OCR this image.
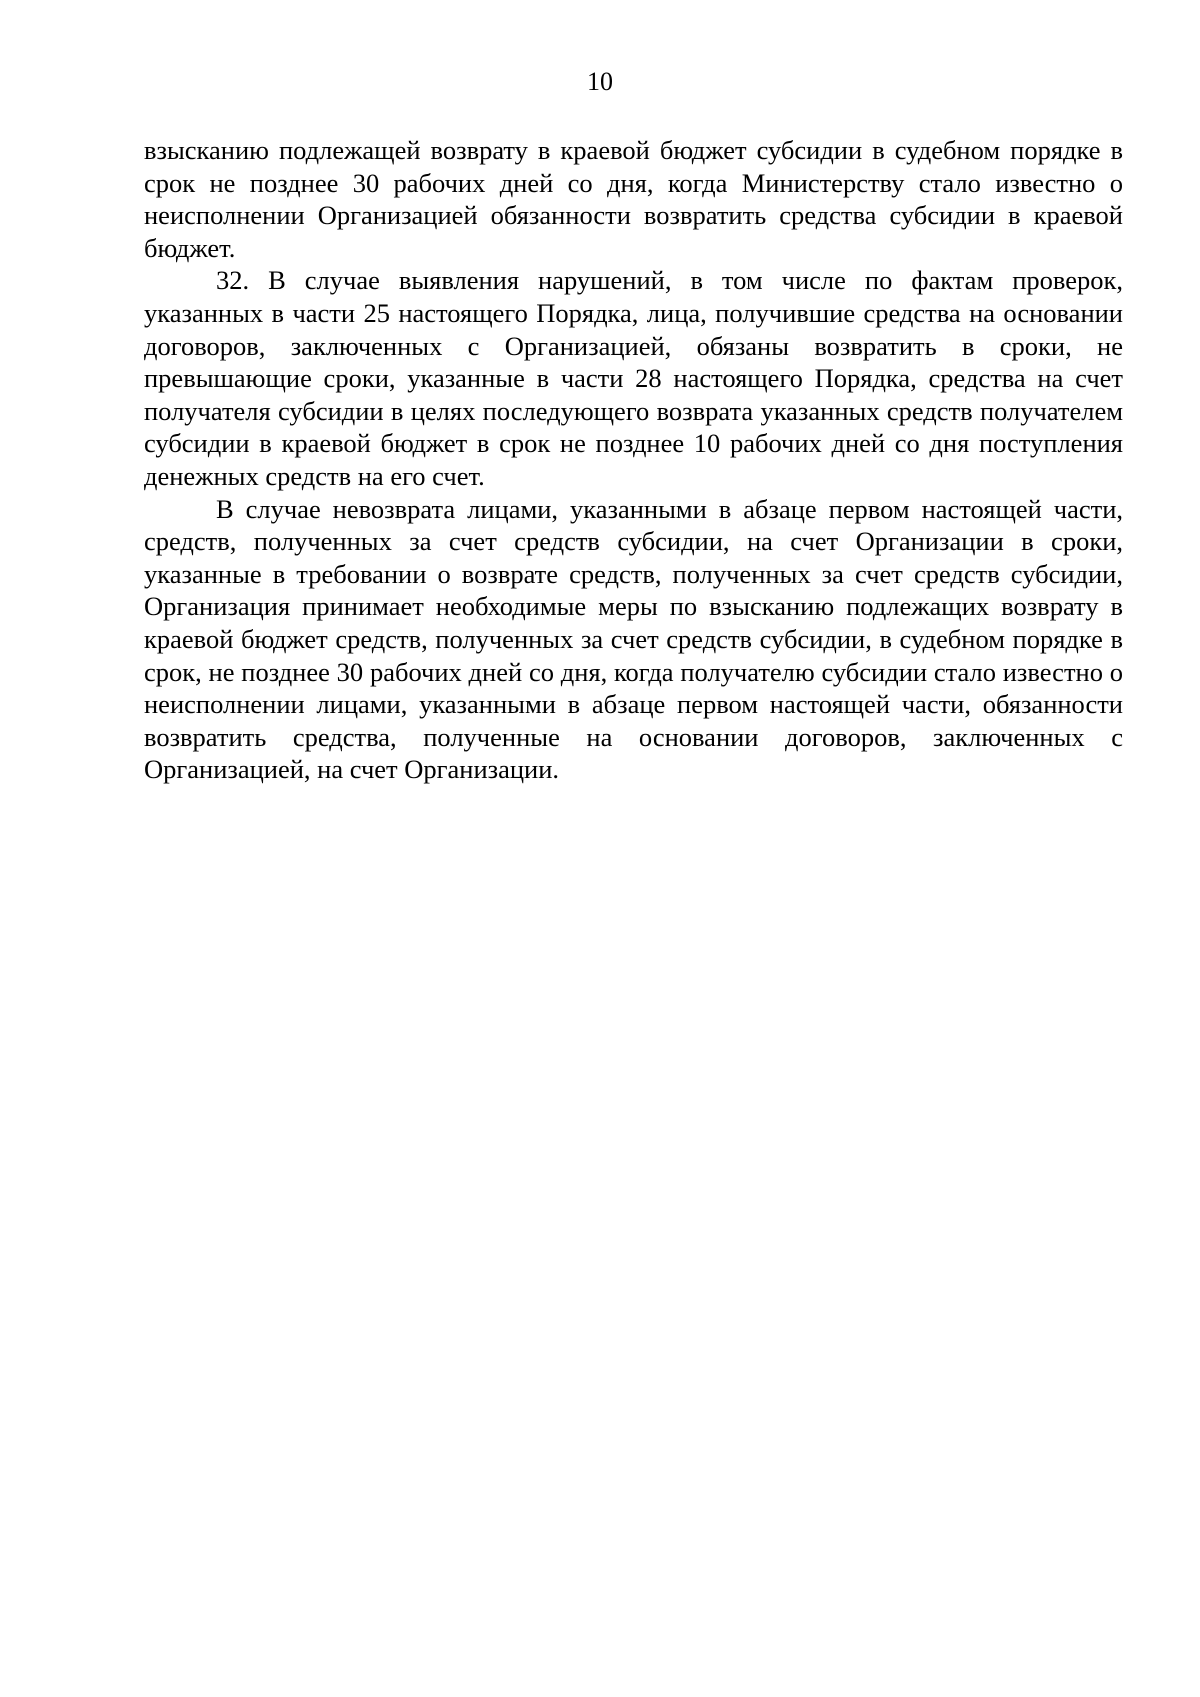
10

взысканию подлежащей возврату в краевой бюджет субсидии в судебном порядке в срок не позднее 30 рабочих дней со дня, когда Министерству стало известно о неисполнении Организацией обязанности возвратить средства субсидии в краевой бюджет.

32. В случае выявления нарушений, в том числе по фактам проверок, указанных в части 25 настоящего Порядка, лица, получившие средства на основании договоров, заключенных с Организацией, обязаны возвратить в сроки, не превышающие сроки, указанные в части 28 настоящего Порядка, средства на счет получателя субсидии в целях последующего возврата указанных средств получателем субсидии в краевой бюджет в срок не позднее 10 рабочих дней со дня поступления денежных средств на его счет.

В случае невозврата лицами, указанными в абзаце первом настоящей части, средств, полученных за счет средств субсидии, на счет Организации в сроки, указанные в требовании о возврате средств, полученных за счет средств субсидии, Организация принимает необходимые меры по взысканию подлежащих возврату в краевой бюджет средств, полученных за счет средств субсидии, в судебном порядке в срок, не позднее 30 рабочих дней со дня, когда получателю субсидии стало известно о неисполнении лицами, указанными в абзаце первом настоящей части, обязанности возвратить средства, полученные на основании договоров, заключенных с Организацией, на счет Организации.
